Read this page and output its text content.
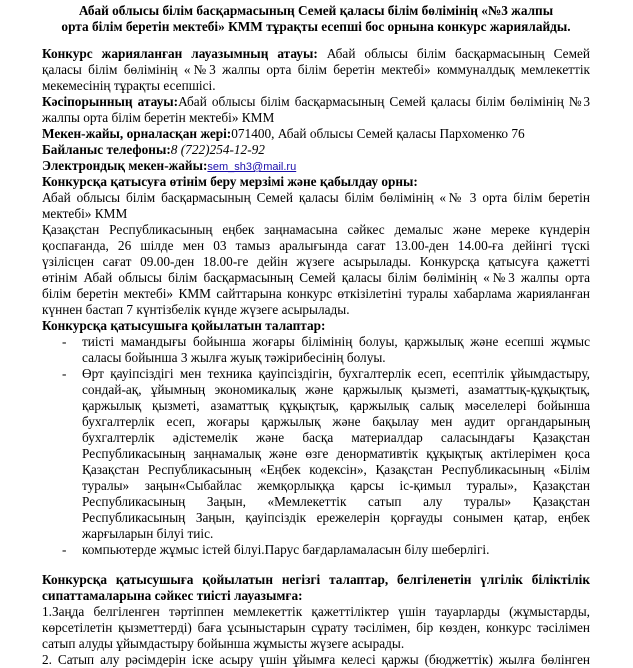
Абай облысы білім басқармасының Семей қаласы білім бөлімінің «№3 жалпы
орта білім беретін мектебі» КММ тұрақты есепші бос орнына конкурс жариялайды.
Конкурс жарияланған лауазымның атауы: Абай облысы білім басқармасының Семей
қаласы білім бөлімінің «№3 жалпы орта білім беретін мектебі» коммуналдық мемлекеттік
мекемесінің тұрақты есепшісі.
Кәсіпорынның атауы:Абай облысы білім басқармасының Семей қаласы білім бөлімінің №3
жалпы орта білім беретін мектебі» КММ
Мекен-жайы, орналасқан жері:071400, Абай облысы Семей қаласы Пархоменко 76
Байланыс телефоны:8 (722)254-12-92
Электрондық мекен-жайы:sem_sh3@mail.ru
Конкурсқа қатысуға өтінім беру мерзімі және қабылдау орны:
Абай облысы білім басқармасының Семей қаласы білім бөлімінің «№ 3 орта білім беретін
мектебі» КММ
Қазақстан Республикасының еңбек заңнамасына сәйкес демалыс және мереке күндерін
қоспағанда, 26 шілде мен 03 тамыз аралығында сағат 13.00-ден 14.00-ға дейінгі түскі
үзілісцен сағат 09.00-ден 18.00-ге дейін жүзеге асырылады. Конкурсқа қатысуға қажетті
өтінім Абай облысы білім басқармасының Семей қаласы білім бөлімінің «№3 жалпы орта
білім беретін мектебі» КММ сайттарына конкурс өткізілетіні туралы хабарлама жарияланған
күннен бастап 7 күнтізбелік күнде жүзеге асырылады.
Конкурсқа қатысушыға қойылатын талаптар:
- тиісті мамандығы бойынша жоғары білімінің болуы, қаржылық және есепші жұмыс
саласы бойынша 3 жылға жуық тәжірибесінің болуы.
- Өрт қауіпсіздігі мен техника қауіпсіздігін, бухгалтерлік есеп, есептілік ұйымдастыру,
сондай-ақ, ұйымның экономикалық және қаржылық қызметі, азаматтық-құқықтық,
қаржылық қызметі, азаматтық құқықтық, қаржылық салық мәселелері бойынша
бухгалтерлік есеп, жоғары қаржылық және бақылау мен аудит органдарының
бухгалтерлік әдістемелік және басқа материалдар саласындағы Қазақстан
Республикасының заңнамалық және өзге денормативтік құқықтық актілерімен қоса
Қазақстан Республикасының «Еңбек кодексін», Қазақстан Республикасының «Білім
туралы» заңын«Сыбайлас жемқорлыққа қарсы іс-қимыл туралы», Қазақстан
Республикасының Заңын, «Мемлекеттік сатып алу туралы» Қазақстан
Республикасының Заңын, қауіпсіздік ережелерін қорғауды сонымен қатар, еңбек
жарғыларын білуі тиіс.
- компьютерде жұмыс істей білуі.Парус бағдарламаласын білу шеберлігі.
Конкурсқа қатысушыға қойылатын негізгі талаптар, белгіленетін үлгілік біліктілік
сипаттамаларына сәйкес тиісті лауазымға:
1.Заңда белгіленген тәртіппен мемлекеттік қажеттіліктер үшін тауарларды (жұмыстарды,
көрсетілетін қызметтерді) баға ұсыныстарын сұрату тәсілімен, бір көзден, конкурс тәсілімен
сатып алуды ұйымдастыру бойынша жұмысты жүзеге асырады.
2. Сатып алу рәсімдерін іске асыру үшін ұйымға келесі қаржы (бюджеттік) жылға бөлінген
